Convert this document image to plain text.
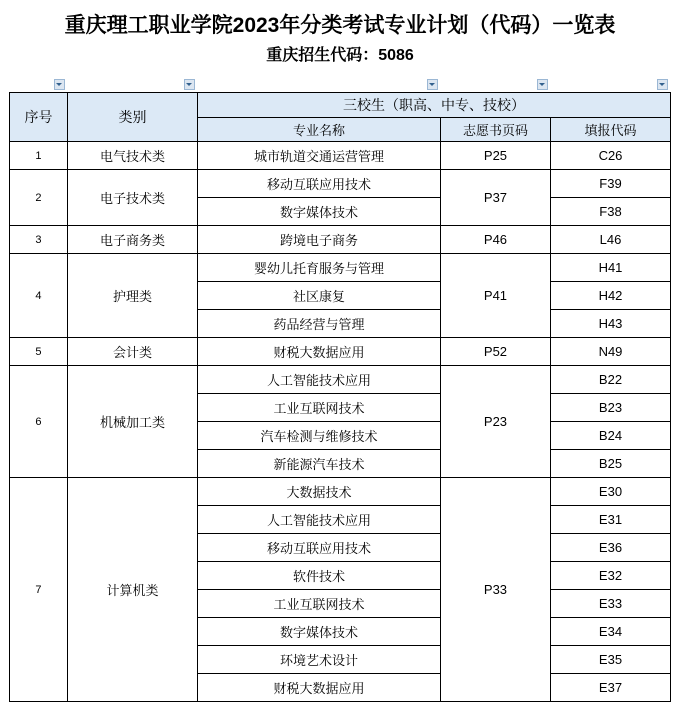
重庆理工职业学院2023年分类考试专业计划（代码）一览表
重庆招生代码：5086
序号	类别	三校生（职高、中专、技校）		
		专业名称	志愿书页码	填报代码
1	电气技术类	城市轨道交通运营管理	P25	C26
2	电子技术类	移动互联应用技术	P37	F39
		数字媒体技术		F38
3	电子商务类	跨境电子商务	P46	L46
4	护理类	婴幼儿托育服务与管理	P41	H41
		社区康复		H42
		药品经营与管理		H43
5	会计类	财税大数据应用	P52	N49
6	机械加工类	人工智能技术应用	P23	B22
		工业互联网技术		B23
		汽车检测与维修技术		B24
		新能源汽车技术		B25
7	计算机类	大数据技术	P33	E30
		人工智能技术应用		E31
		移动互联应用技术		E36
		软件技术		E32
		工业互联网技术		E33
		数字媒体技术		E34
		环境艺术设计		E35
		财税大数据应用		E37
